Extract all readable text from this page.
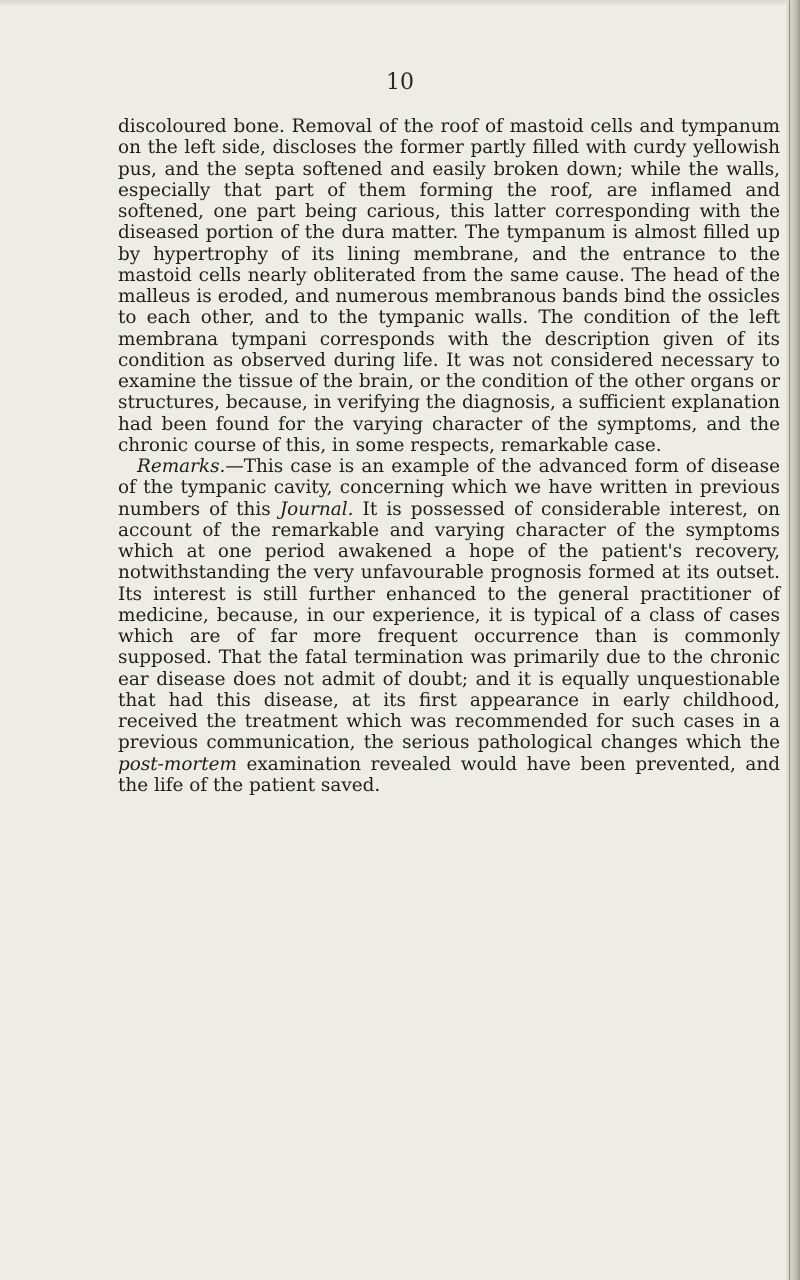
10

discoloured bone. Removal of the roof of mastoid cells and tympanum on the left side, discloses the former partly filled with curdy yellowish pus, and the septa softened and easily broken down; while the walls, especially that part of them forming the roof, are inflamed and softened, one part being carious, this latter corresponding with the diseased portion of the dura matter. The tympanum is almost filled up by hypertrophy of its lining membrane, and the entrance to the mastoid cells nearly obliterated from the same cause. The head of the malleus is eroded, and numerous membranous bands bind the ossicles to each other, and to the tympanic walls. The condition of the left membrana tympani corresponds with the description given of its condition as observed during life. It was not considered necessary to examine the tissue of the brain, or the condition of the other organs or structures, because, in verifying the diagnosis, a sufficient explanation had been found for the varying character of the symptoms, and the chronic course of this, in some respects, remarkable case.

Remarks.—This case is an example of the advanced form of disease of the tympanic cavity, concerning which we have written in previous numbers of this Journal. It is possessed of considerable interest, on account of the remarkable and varying character of the symptoms which at one period awakened a hope of the patient's recovery, notwithstanding the very unfavourable prognosis formed at its outset. Its interest is still further enhanced to the general practitioner of medicine, because, in our experience, it is typical of a class of cases which are of far more frequent occurrence than is commonly supposed. That the fatal termination was primarily due to the chronic ear disease does not admit of doubt; and it is equally unquestionable that had this disease, at its first appearance in early childhood, received the treatment which was recommended for such cases in a previous communication, the serious pathological changes which the post-mortem examination revealed would have been prevented, and the life of the patient saved.
